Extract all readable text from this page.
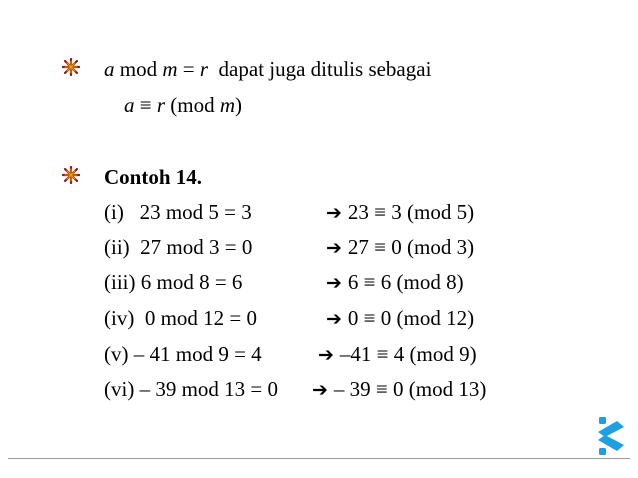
a mod m = r  dapat juga ditulis sebagai
a ≡ r (mod m)
Contoh 14.
(i)   23 mod 5 = 3	➔ 23 ≡ 3 (mod 5)
(ii)  27 mod 3 = 0	➔ 27 ≡ 0 (mod 3)
(iii) 6 mod 8 = 6	➔ 6 ≡ 6 (mod 8)
(iv)  0 mod 12 = 0	➔ 0 ≡ 0 (mod 12)
(v) – 41 mod 9 = 4	➔ –41 ≡ 4 (mod 9)
(vi) – 39 mod 13 = 0 ➔ – 39 ≡ 0 (mod 13)
